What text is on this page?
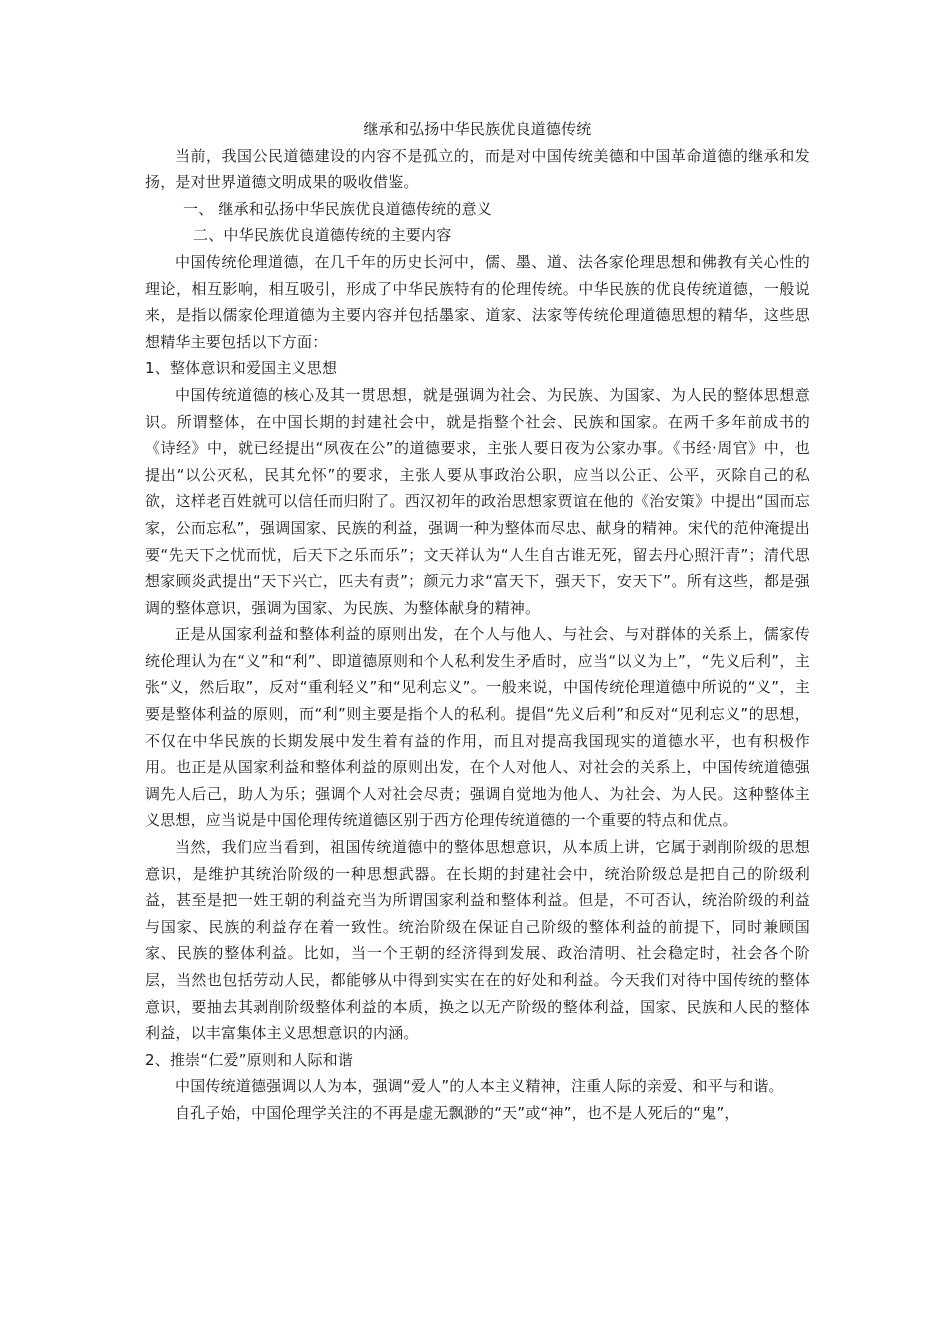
继承和弘扬中华民族优良道德传统

当前，我国公民道德建设的内容不是孤立的，而是对中国传统美德和中国革命道德的继承和发扬，是对世界道德文明成果的吸收借鉴。

一、 继承和弘扬中华民族优良道德传统的意义

二、中华民族优良道德传统的主要内容

中国传统伦理道德，在几千年的历史长河中，儒、墨、道、法各家伦理思想和佛教有关心性的理论，相互影响，相互吸引，形成了中华民族特有的伦理传统。中华民族的优良传统道德，一般说来，是指以儒家伦理道德为主要内容并包括墨家、道家、法家等传统伦理道德思想的精华，这些思想精华主要包括以下方面：

1、整体意识和爱国主义思想

中国传统道德的核心及其一贯思想，就是强调为社会、为民族、为国家、为人民的整体思想意识。所谓整体，在中国长期的封建社会中，就是指整个社会、民族和国家。在两千多年前成书的《诗经》中，就已经提出“夙夜在公”的道德要求，主张人要日夜为公家办事。《书经·周官》中，也提出“以公灭私，民其允怀”的要求，主张人要从事政治公职，应当以公正、公平，灭除自己的私欲，这样老百姓就可以信任而归附了。西汉初年的政治思想家贾谊在他的《治安策》中提出“国而忘家，公而忘私”，强调国家、民族的利益，强调一种为整体而尽忠、献身的精神。宋代的范仲淹提出要“先天下之忧而忧，后天下之乐而乐”；文天祥认为“人生自古谁无死，留去丹心照汗青”；清代思想家顾炎武提出“天下兴亡，匹夫有责”；颜元力求“富天下，强天下，安天下”。所有这些，都是强调的整体意识，强调为国家、为民族、为整体献身的精神。

正是从国家利益和整体利益的原则出发，在个人与他人、与社会、与对群体的关系上，儒家传统伦理认为在“义”和“利”、即道德原则和个人私利发生矛盾时，应当“以义为上”，“先义后利”，主张“义，然后取”，反对“重利轻义”和“见利忘义”。一般来说，中国传统伦理道德中所说的“义”，主要是整体利益的原则，而“利”则主要是指个人的私利。提倡“先义后利”和反对“见利忘义”的思想，不仅在中华民族的长期发展中发生着有益的作用，而且对提高我国现实的道德水平，也有积极作用。也正是从国家利益和整体利益的原则出发，在个人对他人、对社会的关系上，中国传统道德强调先人后己，助人为乐；强调个人对社会尽责；强调自觉地为他人、为社会、为人民。这种整体主义思想，应当说是中国伦理传统道德区别于西方伦理传统道德的一个重要的特点和优点。

当然，我们应当看到，祖国传统道德中的整体思想意识，从本质上讲，它属于剥削阶级的思想意识，是维护其统治阶级的一种思想武器。在长期的封建社会中，统治阶级总是把自己的阶级利益，甚至是把一姓王朝的利益充当为所谓国家利益和整体利益。但是，不可否认，统治阶级的利益与国家、民族的利益存在着一致性。统治阶级在保证自己阶级的整体利益的前提下，同时兼顾国家、民族的整体利益。比如，当一个王朝的经济得到发展、政治清明、社会稳定时，社会各个阶层，当然也包括劳动人民，都能够从中得到实实在在的好处和利益。今天我们对待中国传统的整体意识，要抽去其剥削阶级整体利益的本质，换之以无产阶级的整体利益，国家、民族和人民的整体利益，以丰富集体主义思想意识的内涵。

2、推崇“仁爱”原则和人际和谐

中国传统道德强调以人为本，强调“爱人”的人本主义精神，注重人际的亲爱、和平与和谐。

自孔子始，中国伦理学关注的不再是虚无飘渺的“天”或“神”，也不是人死后的“鬼”，
